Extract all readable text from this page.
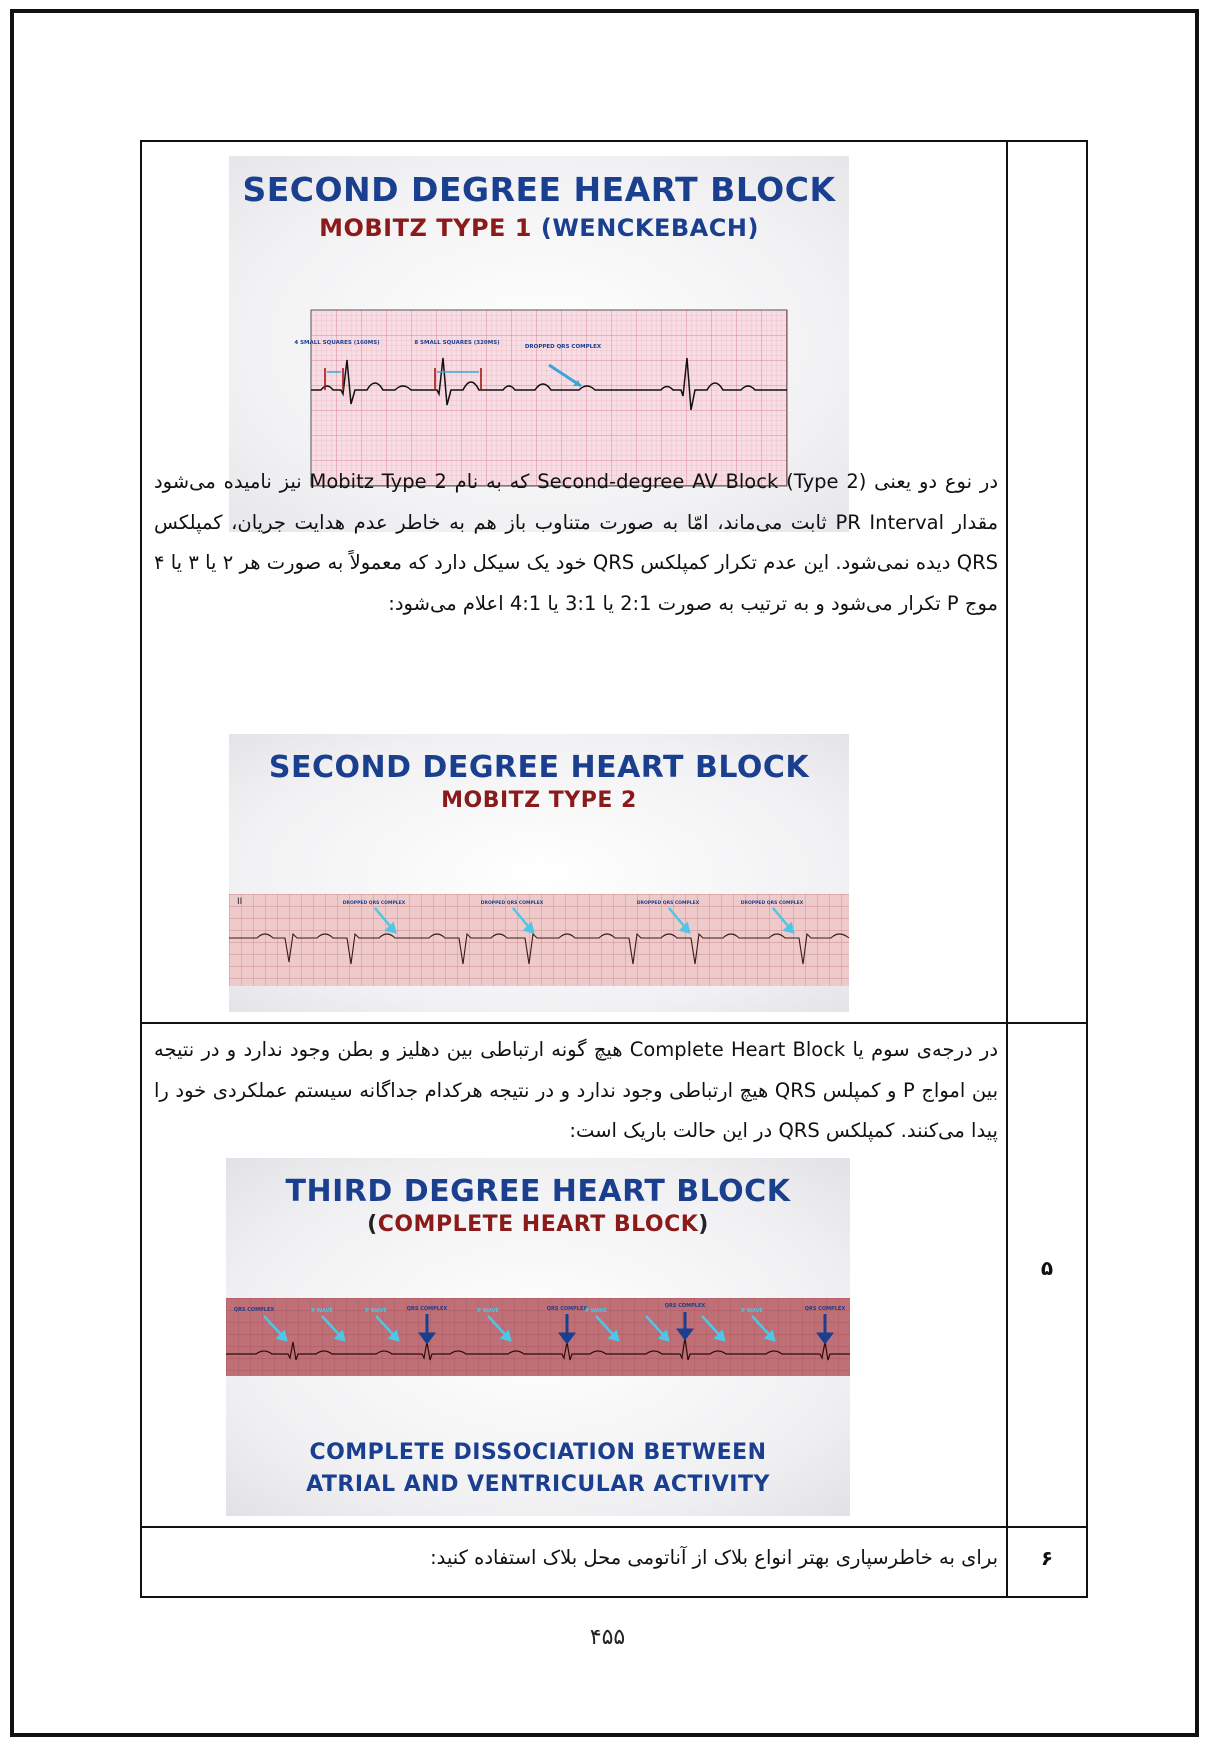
SECOND DEGREE HEART BLOCK
MOBITZ TYPE 1 (WENCKEBACH)
4 SMALL SQUARES (160MS)	8 SMALL SQUARES (320MS)
DROPPED QRS COMPLEX
در نوع دو یعنی (Second-degree AV Block (Type 2 که به نام Mobitz Type 2 نیز نامیده می‌شود مقدار PR Interval ثابت می‌ماند، امّا به صورت متناوب باز هم به خاطر عدم هدایت جریان، کمپلکس QRS دیده نمی‌شود. این عدم تکرار کمپلکس QRS خود یک سیکل دارد که معمولاً به صورت هر ۲ یا ۳ یا ۴ موج P تکرار می‌شود و به ترتیب به صورت 2:1 یا 3:1 یا 4:1 اعلام می‌شود:
SECOND DEGREE HEART BLOCK
MOBITZ TYPE 2
II	DROPPED QRS COMPLEX	DROPPED QRS COMPLEX	DROPPED QRS COMPLEX	DROPPED QRS COMPLEX
در درجه‌ی سوم یا Complete Heart Block هیچ گونه ارتباطی بین دهلیز و بطن وجود ندارد و در نتیجه بین امواج P و کمپلس QRS هیچ ارتباطی وجود ندارد و در نتیجه هرکدام جداگانه سیستم عملکردی خود را پیدا می‌کنند. کمپلکس QRS در این حالت باریک است:
THIRD DEGREE HEART BLOCK
(COMPLETE HEART BLOCK)
QRS COMPLEX	QRS COMPLEX	QRS COMPLEX	QRS COMPLEX	QRS COMPLEX
P WAVE	P WAVE	P WAVE	P WAVE	P WAVE
COMPLETE DISSOCIATION BETWEEN
ATRIAL AND VENTRICULAR ACTIVITY
۵
برای به خاطرسپاری بهتر انواع بلاک از آناتومی محل بلاک استفاده کنید:	۶
۴۵۵
